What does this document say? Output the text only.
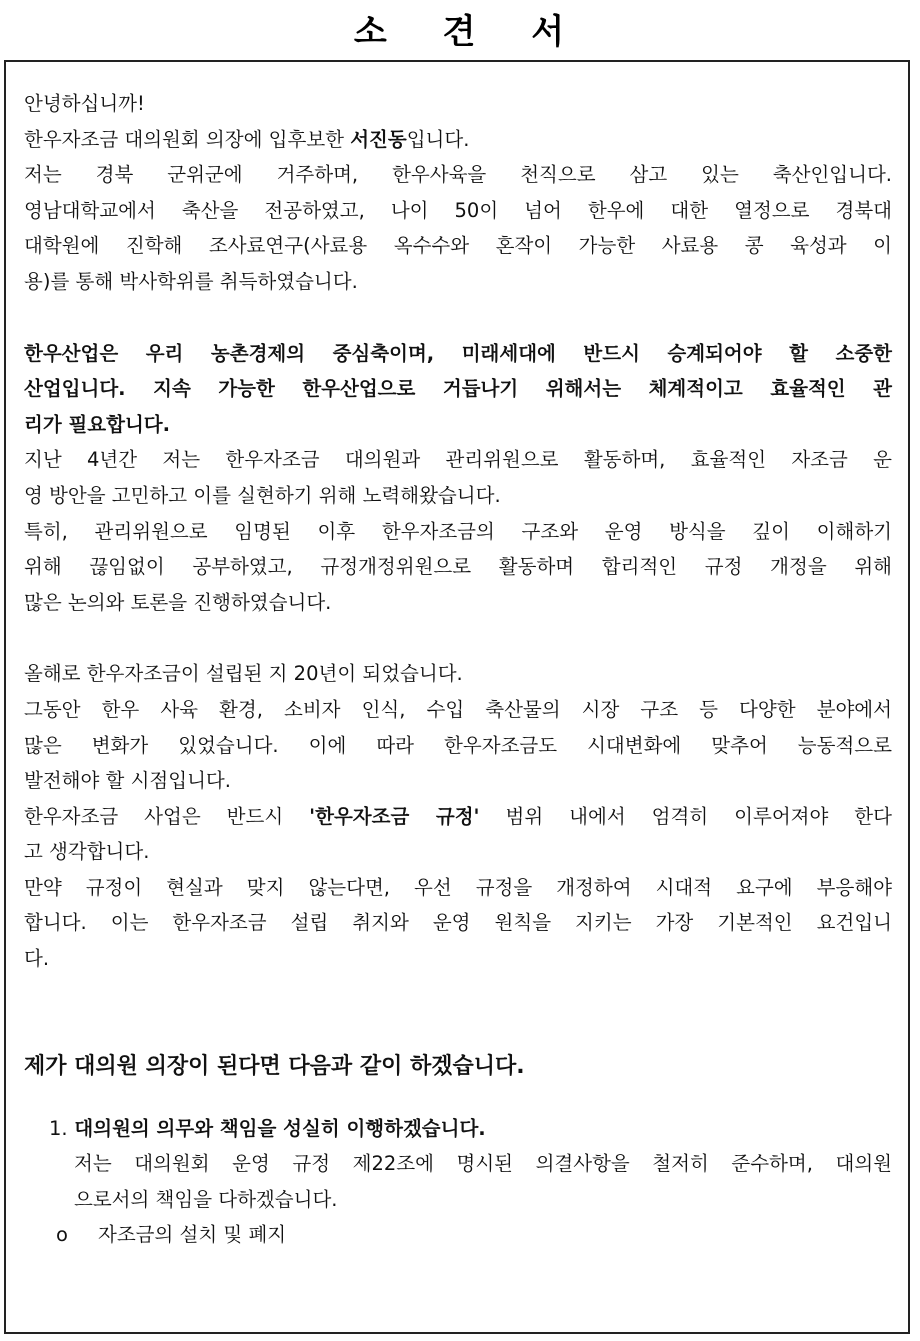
소 견 서
안녕하십니까!
한우자조금 대의원회 의장에 입후보한 서진동입니다.
저는 경북 군위군에 거주하며, 한우사육을 천직으로 삼고 있는 축산인입니다.
영남대학교에서 축산을 전공하였고, 나이 50이 넘어 한우에 대한 열정으로 경북대
대학원에 진학해 조사료연구(사료용 옥수수와 혼작이 가능한 사료용 콩 육성과 이
용)를 통해 박사학위를 취득하였습니다.
한우산업은 우리 농촌경제의 중심축이며, 미래세대에 반드시 승계되어야 할 소중한
산업입니다. 지속 가능한 한우산업으로 거듭나기 위해서는 체계적이고 효율적인 관
리가 필요합니다.
지난 4년간 저는 한우자조금 대의원과 관리위원으로 활동하며, 효율적인 자조금 운
영 방안을 고민하고 이를 실현하기 위해 노력해왔습니다.
특히, 관리위원으로 임명된 이후 한우자조금의 구조와 운영 방식을 깊이 이해하기
위해 끊임없이 공부하였고, 규정개정위원으로 활동하며 합리적인 규정 개정을 위해
많은 논의와 토론을 진행하였습니다.
올해로 한우자조금이 설립된 지 20년이 되었습니다.
그동안 한우 사육 환경, 소비자 인식, 수입 축산물의 시장 구조 등 다양한 분야에서
많은 변화가 있었습니다. 이에 따라 한우자조금도 시대변화에 맞추어 능동적으로
발전해야 할 시점입니다.
한우자조금 사업은 반드시 '한우자조금 규정' 범위 내에서 엄격히 이루어져야 한다
고 생각합니다.
만약 규정이 현실과 맞지 않는다면, 우선 규정을 개정하여 시대적 요구에 부응해야
합니다. 이는 한우자조금 설립 취지와 운영 원칙을 지키는 가장 기본적인 요건입니
다.
제가 대의원 의장이 된다면 다음과 같이 하겠습니다.
1. 대의원의 의무와 책임을 성실히 이행하겠습니다.
저는 대의원회 운영 규정 제22조에 명시된 의결사항을 철저히 준수하며, 대의원
으로서의 책임을 다하겠습니다.
o 자조금의 설치 및 폐지
